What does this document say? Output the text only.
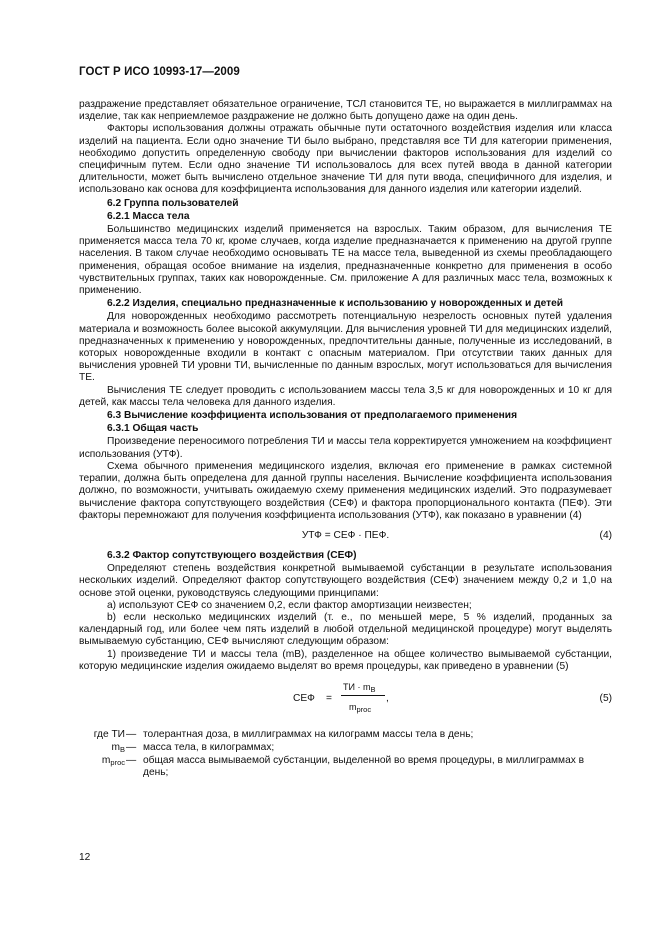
ГОСТ Р ИСО 10993-17—2009

раздражение представляет обязательное ограничение, ТСЛ становится ТЕ, но выражается в миллиграммах на изделие, так как неприемлемое раздражение не должно быть допущено даже на один день.

Факторы использования должны отражать обычные пути остаточного воздействия изделия или класса изделий на пациента. Если одно значение ТИ было выбрано, представляя все ТИ для категории применения, необходимо допустить определенную свободу при вычислении факторов использования для изделий со специфичным путем. Если одно значение ТИ использовалось для всех путей ввода в данной категории длительности, может быть вычислено отдельное значение ТИ для пути ввода, специфичного для изделия, и использовано как основа для коэффициента использования для данного изделия или категории изделий.

6.2 Группа пользователей

6.2.1 Масса тела

Большинство медицинских изделий применяется на взрослых. Таким образом, для вычисления ТЕ применяется масса тела 70 кг, кроме случаев, когда изделие предназначается к применению на другой группе населения. В таком случае необходимо основывать ТЕ на массе тела, выведенной из схемы преобладающего применения, обращая особое внимание на изделия, предназначенные конкретно для применения в особо чувствительных группах, таких как новорожденные. См. приложение А для различных масс тела, возможных к применению.

6.2.2 Изделия, специально предназначенные к использованию у новорожденных и детей

Для новорожденных необходимо рассмотреть потенциальную незрелость основных путей удаления материала и возможность более высокой аккумуляции. Для вычисления уровней ТИ для медицинских изделий, предназначенных к применению у новорожденных, предпочтительны данные, полученные из исследований, в которых новорожденные входили в контакт с опасным материалом. При отсутствии таких данных для вычисления уровней ТИ уровни ТИ, вычисленные по данным взрослых, могут использоваться для вычисления ТЕ.

Вычисления ТЕ следует проводить с использованием массы тела 3,5 кг для новорожденных и 10 кг для детей, как массы тела человека для данного изделия.

6.3 Вычисление коэффициента использования от предполагаемого применения

6.3.1 Общая часть

Произведение переносимого потребления ТИ и массы тела корректируется умножением на коэффициент использования (УТФ).

Схема обычного применения медицинского изделия, включая его применение в рамках системной терапии, должна быть определена для данной группы населения. Вычисление коэффициента использования должно, по возможности, учитывать ожидаемую схему применения медицинских изделий. Это подразумевает вычисление фактора сопутствующего воздействия (СЕФ) и фактора пропорционального контакта (ПЕФ). Эти факторы перемножают для получения коэффициента использования (УТФ), как показано в уравнении (4)

УТФ = СЕФ · ПЕФ.	(4)

6.3.2 Фактор сопутствующего воздействия (СЕФ)

Определяют степень воздействия конкретной вымываемой субстанции в результате использования нескольких изделий. Определяют фактор сопутствующего воздействия (СЕФ) значением между 0,2 и 1,0 на основе этой оценки, руководствуясь следующими принципами:

a) используют СЕФ со значением 0,2, если фактор амортизации неизвестен;

b) если несколько медицинских изделий (т. е., по меньшей мере, 5 % изделий, проданных за календарный год, или более чем пять изделий в любой отдельной медицинской процедуре) могут выделять вымываемую субстанцию, СЕФ вычисляют следующим образом:

1) произведение ТИ и массы тела (mB), разделенное на общее количество вымываемой субстанции, которую медицинские изделия ожидаемо выделят во время процедуры, как приведено в уравнении (5)

СЕФ =
ТИ · $m_B$
$m_{proc}$
,	(5)
где ТИ — толерантная доза, в миллиграммах на килограмм массы тела в день;
$m_B$ — масса тела, в килограммах;
$m_{proc}$ — общая масса вымываемой субстанции, выделенной во время процедуры, в миллиграммах в день;
12
